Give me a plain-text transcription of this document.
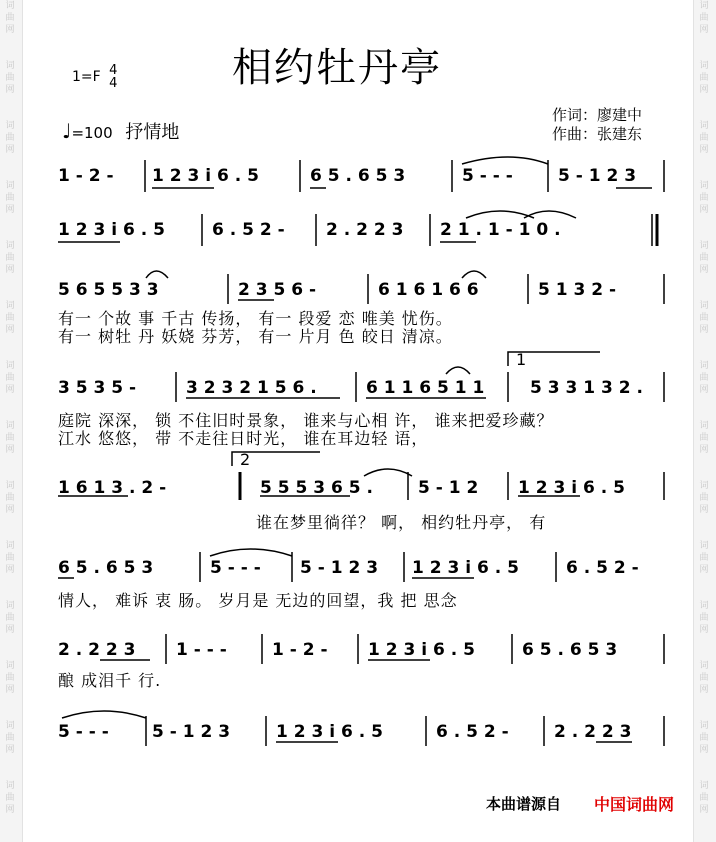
词
曲
网
词
曲
网
词
曲
网
词
曲
网
词
曲
网
词
曲
网
词
曲
网
词
曲
网
词
曲
网
词
曲
网
词
曲
网
词
曲
网
词
曲
网
词
曲
网
词
曲
网
词
曲
网
词
曲
网
词
曲
网
词
曲
网
词
曲
网
词
曲
网
词
曲
网
词
曲
网
词
曲
网
词
曲
网
词
曲
网
词
曲
网
词
曲
网
相约牡丹亭
1=F 4
4
♩=100 抒情地
作词：廖建中
作曲：张建东
1 - 2 - 1 2 3 i 6 . 5	6 5 . 6 5 3	5 - - -	5 - 1 2 3
1 2 3 i 6 . 5	6 . 5 2 - 2 . 2 2 3 2 1 . 1 - 1 0 .
5 6 5 5 3 3	2 3 5 6 -	6 1 6 1 6 6	5 1 3 2 -
有一 个故 事 千古 传扬， 有一 段爱 恋 唯美 忧伤。
有一 树牡 丹 妖娆 芬芳， 有一 片月 色 皎日 清凉。
3 5 3 5 -	3 2 3 2 1 5 6 .	6 1 1 6 5 1 1	5 3 3 1 3 2 .
1
庭院 深深， 锁 不住旧时景象， 谁来与心相 许， 谁来把爱珍藏？
江水 悠悠， 带 不走往日时光， 谁在耳边轻 语，
1 6 1 3 . 2 -	5 5 5 3 6 5 .	5 - 1 2 1 2 3 i 6 . 5
2
谁在梦里徜徉？ 啊， 相约牡丹亭， 有
6 5 . 6 5 3	5 - - - 5 - 1 2 3 1 2 3 i 6 . 5	6 . 5 2 -
情人， 难诉 衷 肠。 岁月是 无边的回望，我 把 思念
2 . 2 2 3 1 - - -	1 - 2 - 1 2 3 i 6 . 5	6 5 . 6 5 3
酿 成泪千 行.
5 - - -	5 - 1 2 3	1 2 3 i 6 . 5	6 . 5 2 -	2 . 2 2 3
本曲谱源自 中国词曲网
